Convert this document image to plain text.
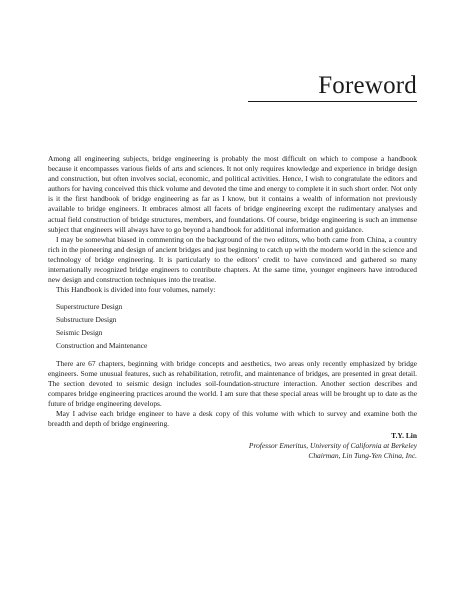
Foreword

Among all engineering subjects, bridge engineering is probably the most difficult on which to compose a handbook because it encompasses various fields of arts and sciences. It not only requires knowledge and experience in bridge design and construction, but often involves social, economic, and political activities. Hence, I wish to congratulate the editors and authors for having conceived this thick volume and devoted the time and energy to complete it in such short order. Not only is it the first handbook of bridge engineering as far as I know, but it contains a wealth of information not previously available to bridge engineers. It embraces almost all facets of bridge engineering except the rudimentary analyses and actual field construction of bridge structures, members, and foundations. Of course, bridge engineering is such an immense subject that engineers will always have to go beyond a handbook for additional information and guidance.

I may be somewhat biased in commenting on the background of the two editors, who both came from China, a country rich in the pioneering and design of ancient bridges and just beginning to catch up with the modern world in the science and technology of bridge engineering. It is particularly to the editors’ credit to have convinced and gathered so many internationally recognized bridge engineers to contribute chapters. At the same time, younger engineers have introduced new design and construction techniques into the treatise.

This Handbook is divided into four volumes, namely:

Superstructure Design
Substructure Design
Seismic Design
Construction and Maintenance

There are 67 chapters, beginning with bridge concepts and aesthetics, two areas only recently emphasized by bridge engineers. Some unusual features, such as rehabilitation, retrofit, and maintenance of bridges, are presented in great detail. The section devoted to seismic design includes soil-foundation-structure interaction. Another section describes and compares bridge engineering practices around the world. I am sure that these special areas will be brought up to date as the future of bridge engineering develops.

May I advise each bridge engineer to have a desk copy of this volume with which to survey and examine both the breadth and depth of bridge engineering.

T.Y. Lin
Professor Emeritus, University of California at Berkeley
Chairman, Lin Tung-Yen China, Inc.
